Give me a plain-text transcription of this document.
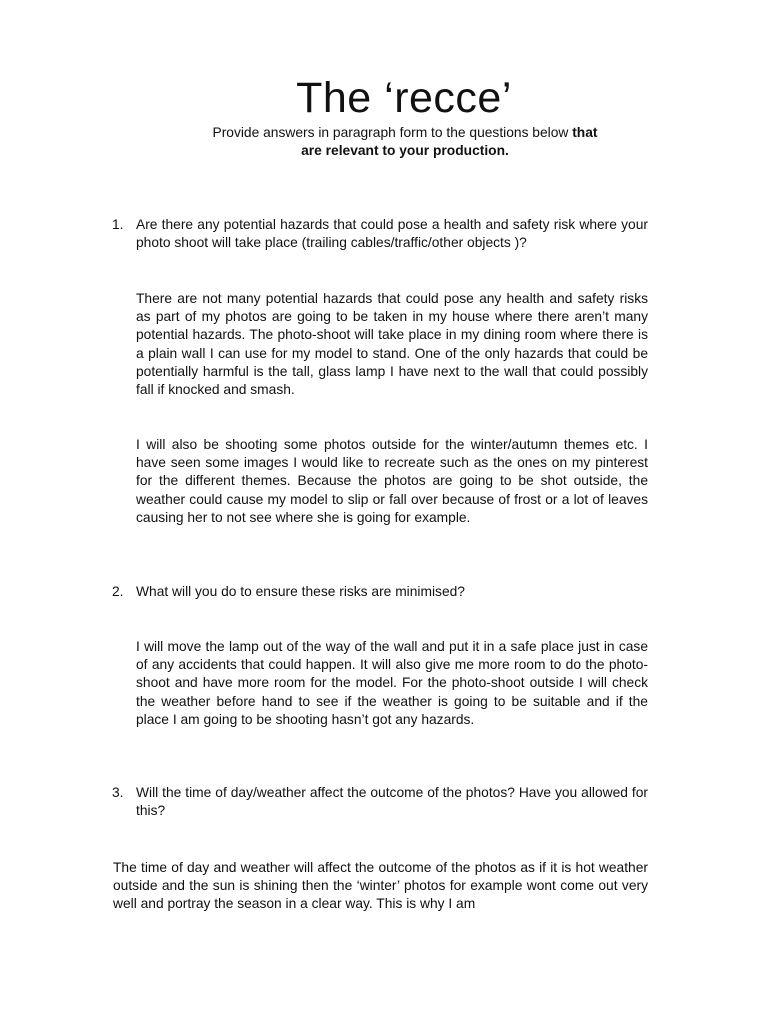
The ‘recce’
Provide answers in paragraph form to the questions below that
are relevant to your production.
1. Are there any potential hazards that could pose a health and safety risk where your photo shoot will take place (trailing cables/traffic/other objects )?
There are not many potential hazards that could pose any health and safety risks as part of my photos are going to be taken in my house where there aren’t many potential hazards. The photo-shoot will take place in my dining room where there is a plain wall I can use for my model to stand. One of the only hazards that could be potentially harmful is the tall, glass lamp I have next to the wall that could possibly fall if knocked and smash.
I will also be shooting some photos outside for the winter/autumn themes etc. I have seen some images I would like to recreate such as the ones on my pinterest for the different themes. Because the photos are going to be shot outside, the weather could cause my model to slip or fall over because of frost or a lot of leaves causing her to not see where she is going for example.
2. What will you do to ensure these risks are minimised?
I will move the lamp out of the way of the wall and put it in a safe place just in case of any accidents that could happen. It will also give me more room to do the photo-shoot and have more room for the model. For the photo-shoot outside I will check the weather before hand to see if the weather is going to be suitable and if the place I am going to be shooting hasn’t got any hazards.
3. Will the time of day/weather affect the outcome of the photos? Have you allowed for this?
The time of day and weather will affect the outcome of the photos as if it is hot weather outside and the sun is shining then the ‘winter’ photos for example wont come out very well and portray the season in a clear way. This is why I am
